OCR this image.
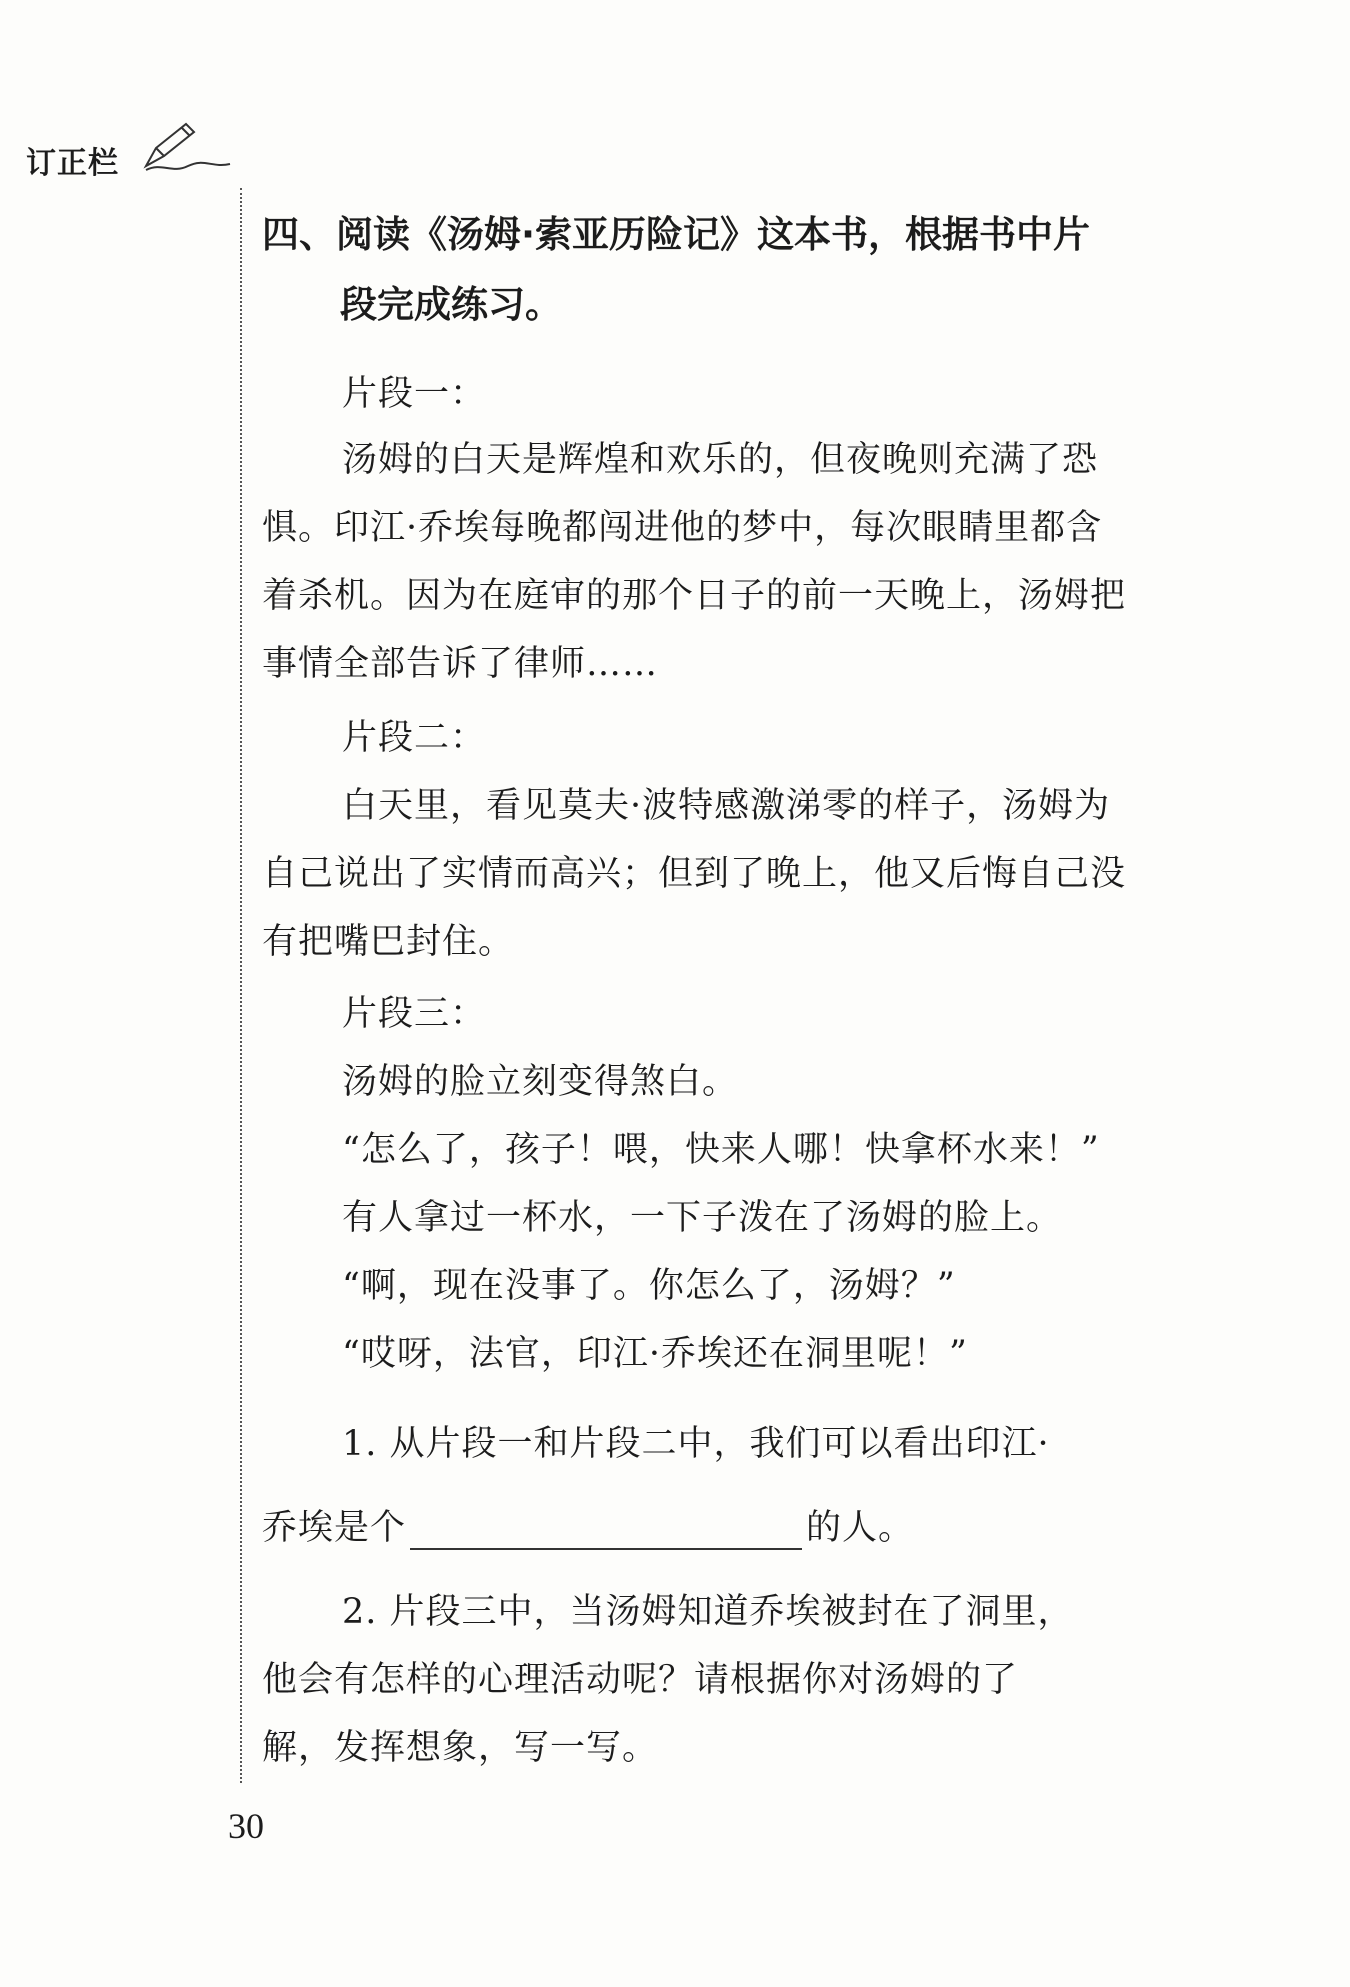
订正栏
四、阅读《汤姆·索亚历险记》这本书，根据书中片
段完成练习。
片段一：
汤姆的白天是辉煌和欢乐的，但夜晚则充满了恐
惧。印江·乔埃每晚都闯进他的梦中，每次眼睛里都含
着杀机。因为在庭审的那个日子的前一天晚上，汤姆把
事情全部告诉了律师……
片段二：
白天里，看见莫夫·波特感激涕零的样子，汤姆为
自己说出了实情而高兴；但到了晚上，他又后悔自己没
有把嘴巴封住。
片段三：
汤姆的脸立刻变得煞白。
“怎么了，孩子！喂，快来人哪！快拿杯水来！”
有人拿过一杯水，一下子泼在了汤姆的脸上。
“啊，现在没事了。你怎么了，汤姆？”
“哎呀，法官，印江·乔埃还在洞里呢！”
1. 从片段一和片段二中，我们可以看出印江·
乔埃是个	的人。
2. 片段三中，当汤姆知道乔埃被封在了洞里，
他会有怎样的心理活动呢？请根据你对汤姆的了
解，发挥想象，写一写。
30
